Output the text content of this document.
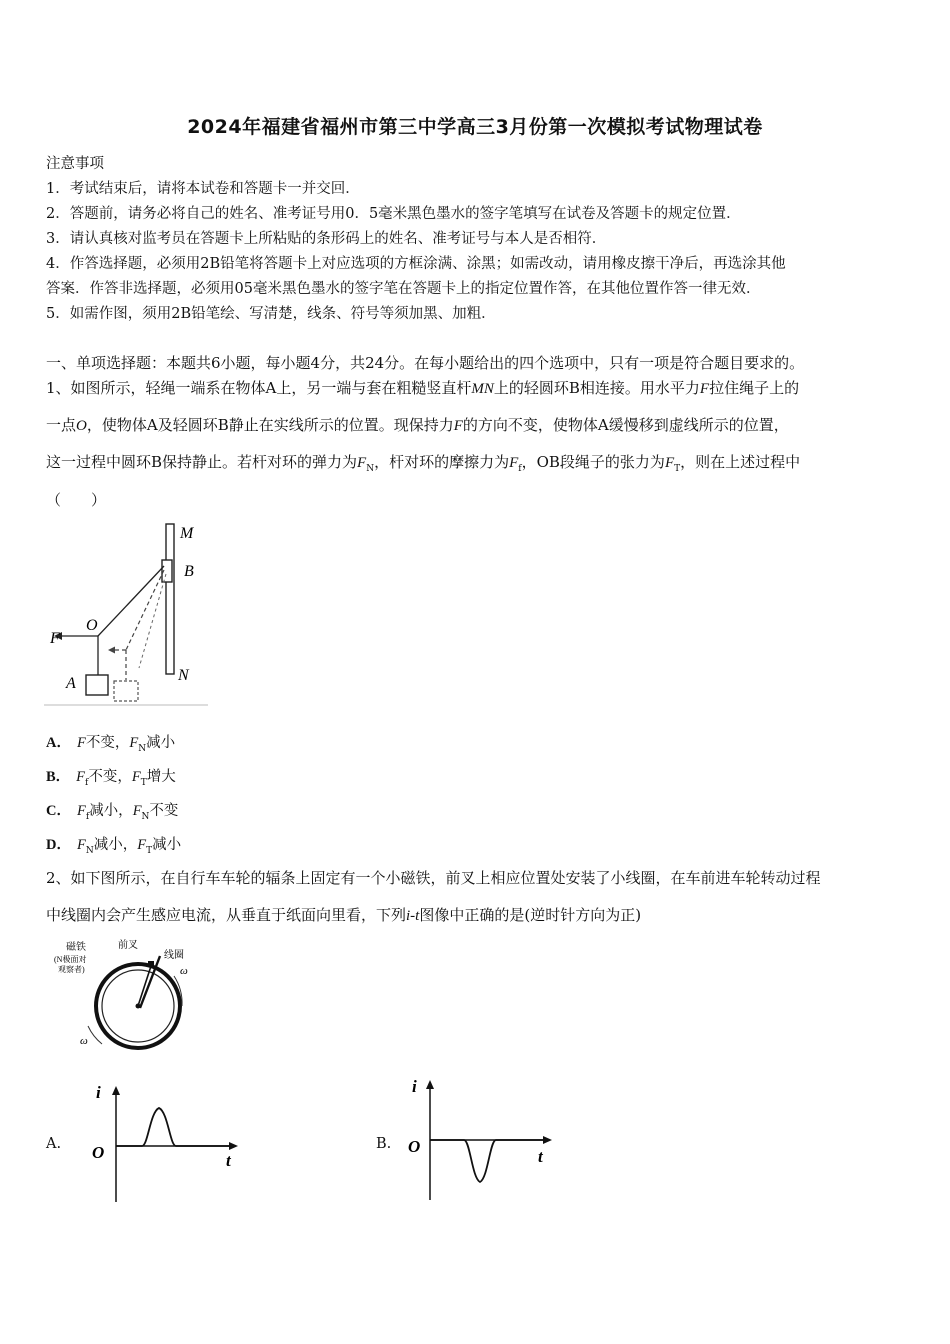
2024年福建省福州市第三中学高三3月份第一次模拟考试物理试卷
注意事项
1．考试结束后，请将本试卷和答题卡一并交回．
2．答题前，请务必将自己的姓名、准考证号用0．5毫米黑色墨水的签字笔填写在试卷及答题卡的规定位置．
3．请认真核对监考员在答题卡上所粘贴的条形码上的姓名、准考证号与本人是否相符．
4．作答选择题，必须用2B铅笔将答题卡上对应选项的方框涂满、涂黑；如需改动，请用橡皮擦干净后，再选涂其他
答案．作答非选择题，必须用05毫米黑色墨水的签字笔在答题卡上的指定位置作答，在其他位置作答一律无效．
5．如需作图，须用2B铅笔绘、写清楚，线条、符号等须加黑、加粗．
一、单项选择题：本题共6小题，每小题4分，共24分。在每小题给出的四个选项中，只有一项是符合题目要求的。
1、如图所示，轻绳一端系在物体A上，另一端与套在粗糙竖直杆MN上的轻圆环B相连接。用水平力F拉住绳子上的
一点O，使物体A及轻圆环B静止在实线所示的位置。现保持力F的方向不变，使物体A缓慢移到虚线所示的位置，
这一过程中圆环B保持静止。若杆对环的弹力为$F_N$，杆对环的摩擦力为$F_f$，OB段绳子的张力为$F_T$，则在上述过程中
（　　）
M
B
O
F
A	N
A． F不变，$F_N$减小
B． $F_f$不变，$F_T$增大
C． $F_f$减小，$F_N$不变
D． $F_N$减小，$F_T$减小
2、如下图所示，在自行车车轮的辐条上固定有一个小磁铁，前叉上相应位置处安装了小线圈，在车前进车轮转动过程
中线圈内会产生感应电流，从垂直于纸面向里看，下列i-t图像中正确的是(逆时针方向为正)
磁铁
(N极面对
观察者)
前叉
线圈
ω
ω
A.
i
t
O	B.
i
t
O
